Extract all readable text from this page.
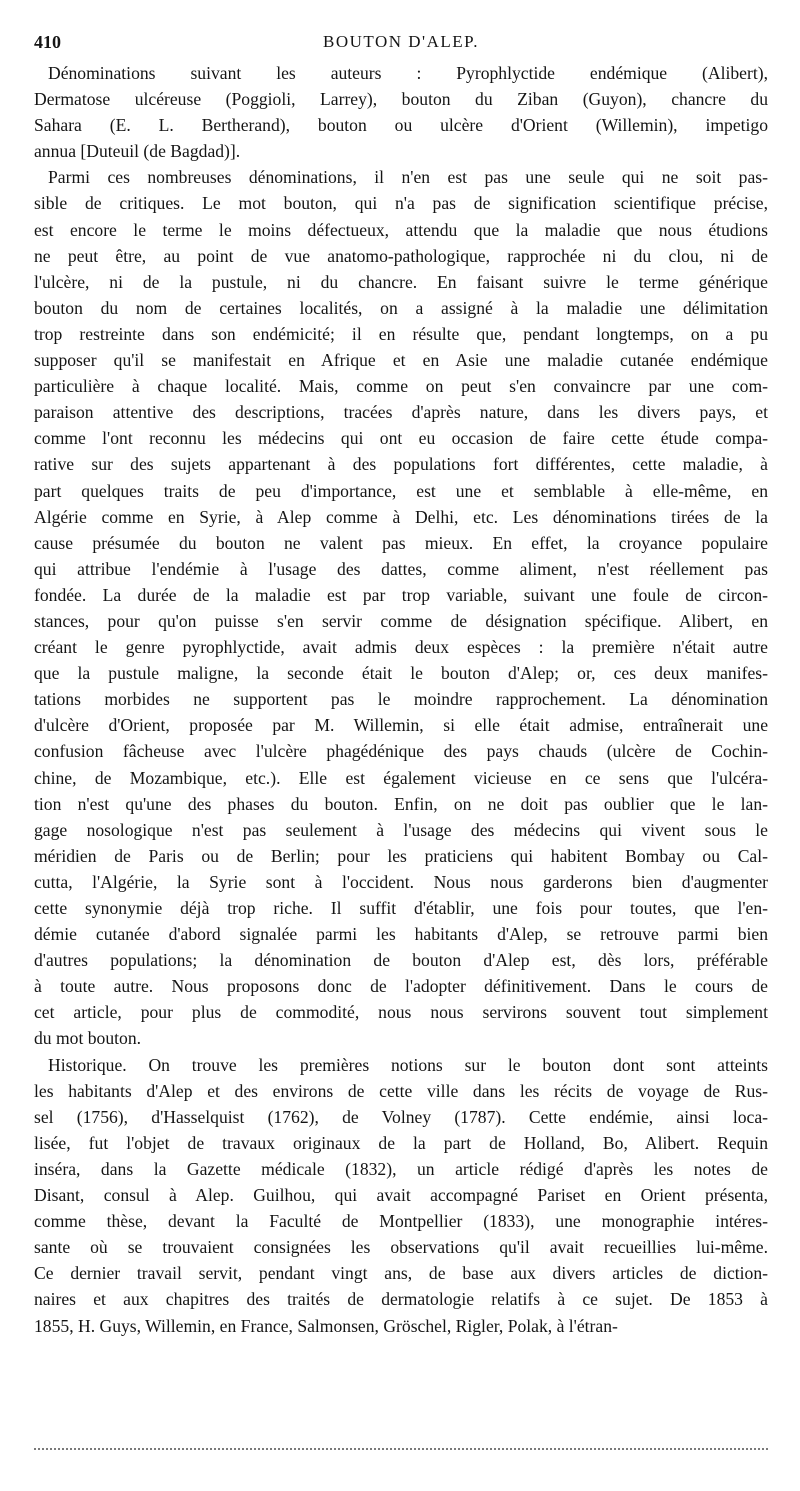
410	BOUTON D'ALEP.
Dénominations suivant les auteurs : Pyrophlyctide endémique (Alibert),
Dermatose ulcéreuse (Poggioli, Larrey), bouton du Ziban (Guyon), chancre du
Sahara (E. L. Bertherand), bouton ou ulcère d'Orient (Willemin), impetigo
annua [Duteuil (de Bagdad)].
Parmi ces nombreuses dénominations, il n'en est pas une seule qui ne soit pas-
sible de critiques. Le mot bouton, qui n'a pas de signification scientifique précise,
est encore le terme le moins défectueux, attendu que la maladie que nous étudions
ne peut être, au point de vue anatomo-pathologique, rapprochée ni du clou, ni de
l'ulcère, ni de la pustule, ni du chancre. En faisant suivre le terme générique
bouton du nom de certaines localités, on a assigné à la maladie une délimitation
trop restreinte dans son endémicité; il en résulte que, pendant longtemps, on a pu
supposer qu'il se manifestait en Afrique et en Asie une maladie cutanée endémique
particulière à chaque localité. Mais, comme on peut s'en convaincre par une com-
paraison attentive des descriptions, tracées d'après nature, dans les divers pays, et
comme l'ont reconnu les médecins qui ont eu occasion de faire cette étude compa-
rative sur des sujets appartenant à des populations fort différentes, cette maladie, à
part quelques traits de peu d'importance, est une et semblable à elle-même, en
Algérie comme en Syrie, à Alep comme à Delhi, etc. Les dénominations tirées de la
cause présumée du bouton ne valent pas mieux. En effet, la croyance populaire
qui attribue l'endémie à l'usage des dattes, comme aliment, n'est réellement pas
fondée. La durée de la maladie est par trop variable, suivant une foule de circon-
stances, pour qu'on puisse s'en servir comme de désignation spécifique. Alibert, en
créant le genre pyrophlyctide, avait admis deux espèces : la première n'était autre
que la pustule maligne, la seconde était le bouton d'Alep; or, ces deux manifes-
tations morbides ne supportent pas le moindre rapprochement. La dénomination
d'ulcère d'Orient, proposée par M. Willemin, si elle était admise, entraînerait une
confusion fâcheuse avec l'ulcère phagédénique des pays chauds (ulcère de Cochin-
chine, de Mozambique, etc.). Elle est également vicieuse en ce sens que l'ulcéra-
tion n'est qu'une des phases du bouton. Enfin, on ne doit pas oublier que le lan-
gage nosologique n'est pas seulement à l'usage des médecins qui vivent sous le
méridien de Paris ou de Berlin; pour les praticiens qui habitent Bombay ou Cal-
cutta, l'Algérie, la Syrie sont à l'occident. Nous nous garderons bien d'augmenter
cette synonymie déjà trop riche. Il suffit d'établir, une fois pour toutes, que l'en-
démie cutanée d'abord signalée parmi les habitants d'Alep, se retrouve parmi bien
d'autres populations; la dénomination de bouton d'Alep est, dès lors, préférable
à toute autre. Nous proposons donc de l'adopter définitivement. Dans le cours de
cet article, pour plus de commodité, nous nous servirons souvent tout simplement
du mot bouton.
Historique. On trouve les premières notions sur le bouton dont sont atteints
les habitants d'Alep et des environs de cette ville dans les récits de voyage de Rus-
sel (1756), d'Hasselquist (1762), de Volney (1787). Cette endémie, ainsi loca-
lisée, fut l'objet de travaux originaux de la part de Holland, Bo, Alibert. Requin
inséra, dans la Gazette médicale (1832), un article rédigé d'après les notes de
Disant, consul à Alep. Guilhou, qui avait accompagné Pariset en Orient présenta,
comme thèse, devant la Faculté de Montpellier (1833), une monographie intéres-
sante où se trouvaient consignées les observations qu'il avait recueillies lui-même.
Ce dernier travail servit, pendant vingt ans, de base aux divers articles de diction-
naires et aux chapitres des traités de dermatologie relatifs à ce sujet. De 1853 à
1855, H. Guys, Willemin, en France, Salmonsen, Gröschel, Rigler, Polak, à l'étran-
